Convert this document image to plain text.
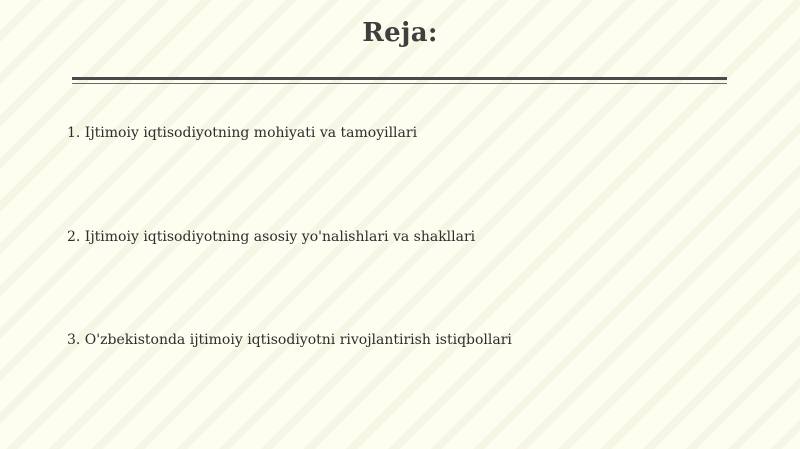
Reja:
1. Ijtimoiy iqtisodiyotning mohiyati va tamoyillari
2. Ijtimoiy iqtisodiyotning asosiy yo'nalishlari va shakllari
3. O'zbekistonda ijtimoiy iqtisodiyotni rivojlantirish istiqbollari
